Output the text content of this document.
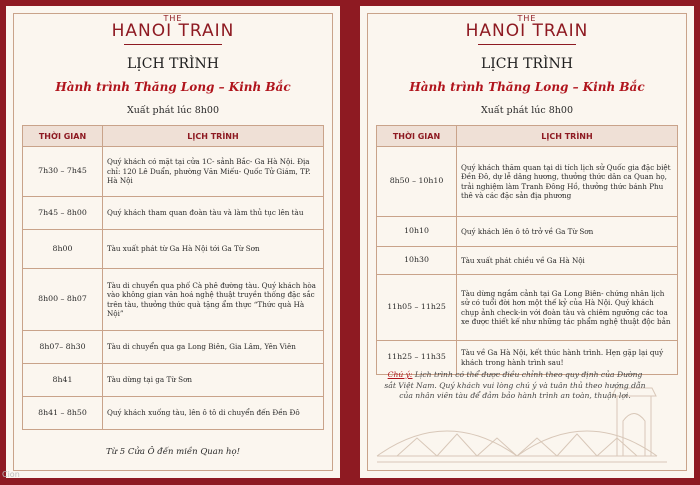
THE
HANOI TRAIN
LỊCH TRÌNH
Hành trình Thăng Long – Kinh Bắc
Xuất phát lúc 8h00
THỜI GIAN	LỊCH TRÌNH
7h30 – 7h45	Quý khách có mặt tại cửa 1C- sảnh Bắc- Ga Hà Nội. Địa chỉ: 120 Lê Duẩn, phường Văn Miếu- Quốc Tử Giám, TP. Hà Nội
7h45 – 8h00	Quý khách tham quan đoàn tàu và làm thủ tục lên tàu
8h00	Tàu xuất phát từ Ga Hà Nội tới Ga Từ Sơn
8h00 – 8h07	Tàu di chuyển qua phố Cà phê đường tàu. Quý khách hòa vào không gian văn hoá nghệ thuật truyền thống đặc sắc trên tàu, thưởng thức quà tặng ẩm thực “Thức quà Hà Nội”
8h07– 8h30	Tàu di chuyển qua ga Long Biên, Gia Lâm, Yên Viên
8h41	Tàu dừng tại ga Từ Sơn
8h41 – 8h50	Quý khách xuống tàu, lên ô tô di chuyển đến Đền Đô
Từ 5 Cửa Ô đến miền Quan họ!
THE
HANOI TRAIN
LỊCH TRÌNH
Hành trình Thăng Long – Kinh Bắc
Xuất phát lúc 8h00
THỜI GIAN	LỊCH TRÌNH
8h50 – 10h10	Quý khách thăm quan tại di tích lịch sử Quốc gia đặc biệt Đền Đô, dự lễ dâng hương, thưởng thức dân ca Quan họ, trải nghiệm làm Tranh Đông Hồ, thưởng thức bánh Phu thê và các đặc sản địa phương
10h10	Quý khách lên ô tô trở về Ga Từ Sơn
10h30	Tàu xuất phát chiều về Ga Hà Nội
11h05 – 11h25	Tàu dừng ngắm cảnh tại Ga Long Biên- chứng nhân lịch sử có tuổi đời hơn một thế kỷ của Hà Nội. Quý khách chụp ảnh check-in với đoàn tàu và chiêm ngưỡng các toa xe được thiết kế như những tác phẩm nghệ thuật độc bản
11h25 – 11h35	Tàu về Ga Hà Nội, kết thúc hành trình. Hẹn gặp lại quý khách trong hành trình sau!
Chú ý: Lịch trình có thể được điều chỉnh theo quy định của Đường sắt Việt Nam. Quý khách vui lòng chú ý và tuân thủ theo hướng dẫn của nhân viên tàu để đảm bảo hành trình an toàn, thuận lợi.
Cion
